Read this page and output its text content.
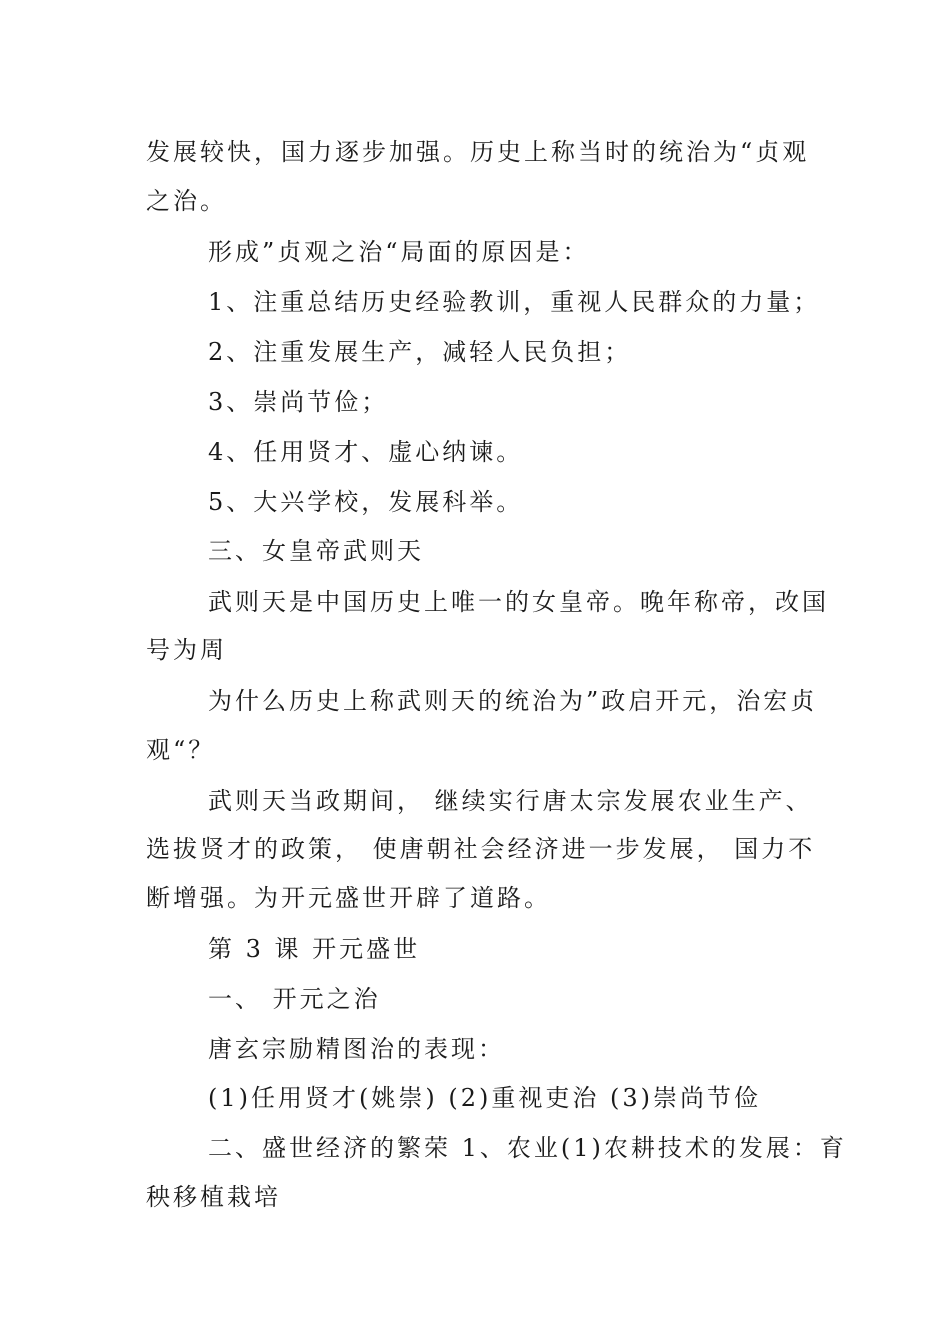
发展较快，国力逐步加强。历史上称当时的统治为“贞观
之治。
形成”贞观之治“局面的原因是：
1、注重总结历史经验教训，重视人民群众的力量；
2、注重发展生产，减轻人民负担；
3、崇尚节俭；
4、任用贤才、虚心纳谏。
5、大兴学校，发展科举。
三、女皇帝武则天
武则天是中国历史上唯一的女皇帝。晚年称帝，改国
号为周
为什么历史上称武则天的统治为”政启开元，治宏贞
观“？
武则天当政期间， 继续实行唐太宗发展农业生产、
选拔贤才的政策， 使唐朝社会经济进一步发展， 国力不
断增强。为开元盛世开辟了道路。
第 3 课 开元盛世
一、 开元之治
唐玄宗励精图治的表现：
(1)任用贤才(姚崇) (2)重视吏治 (3)崇尚节俭
二、盛世经济的繁荣 1、农业(1)农耕技术的发展：育
秧移植栽培
